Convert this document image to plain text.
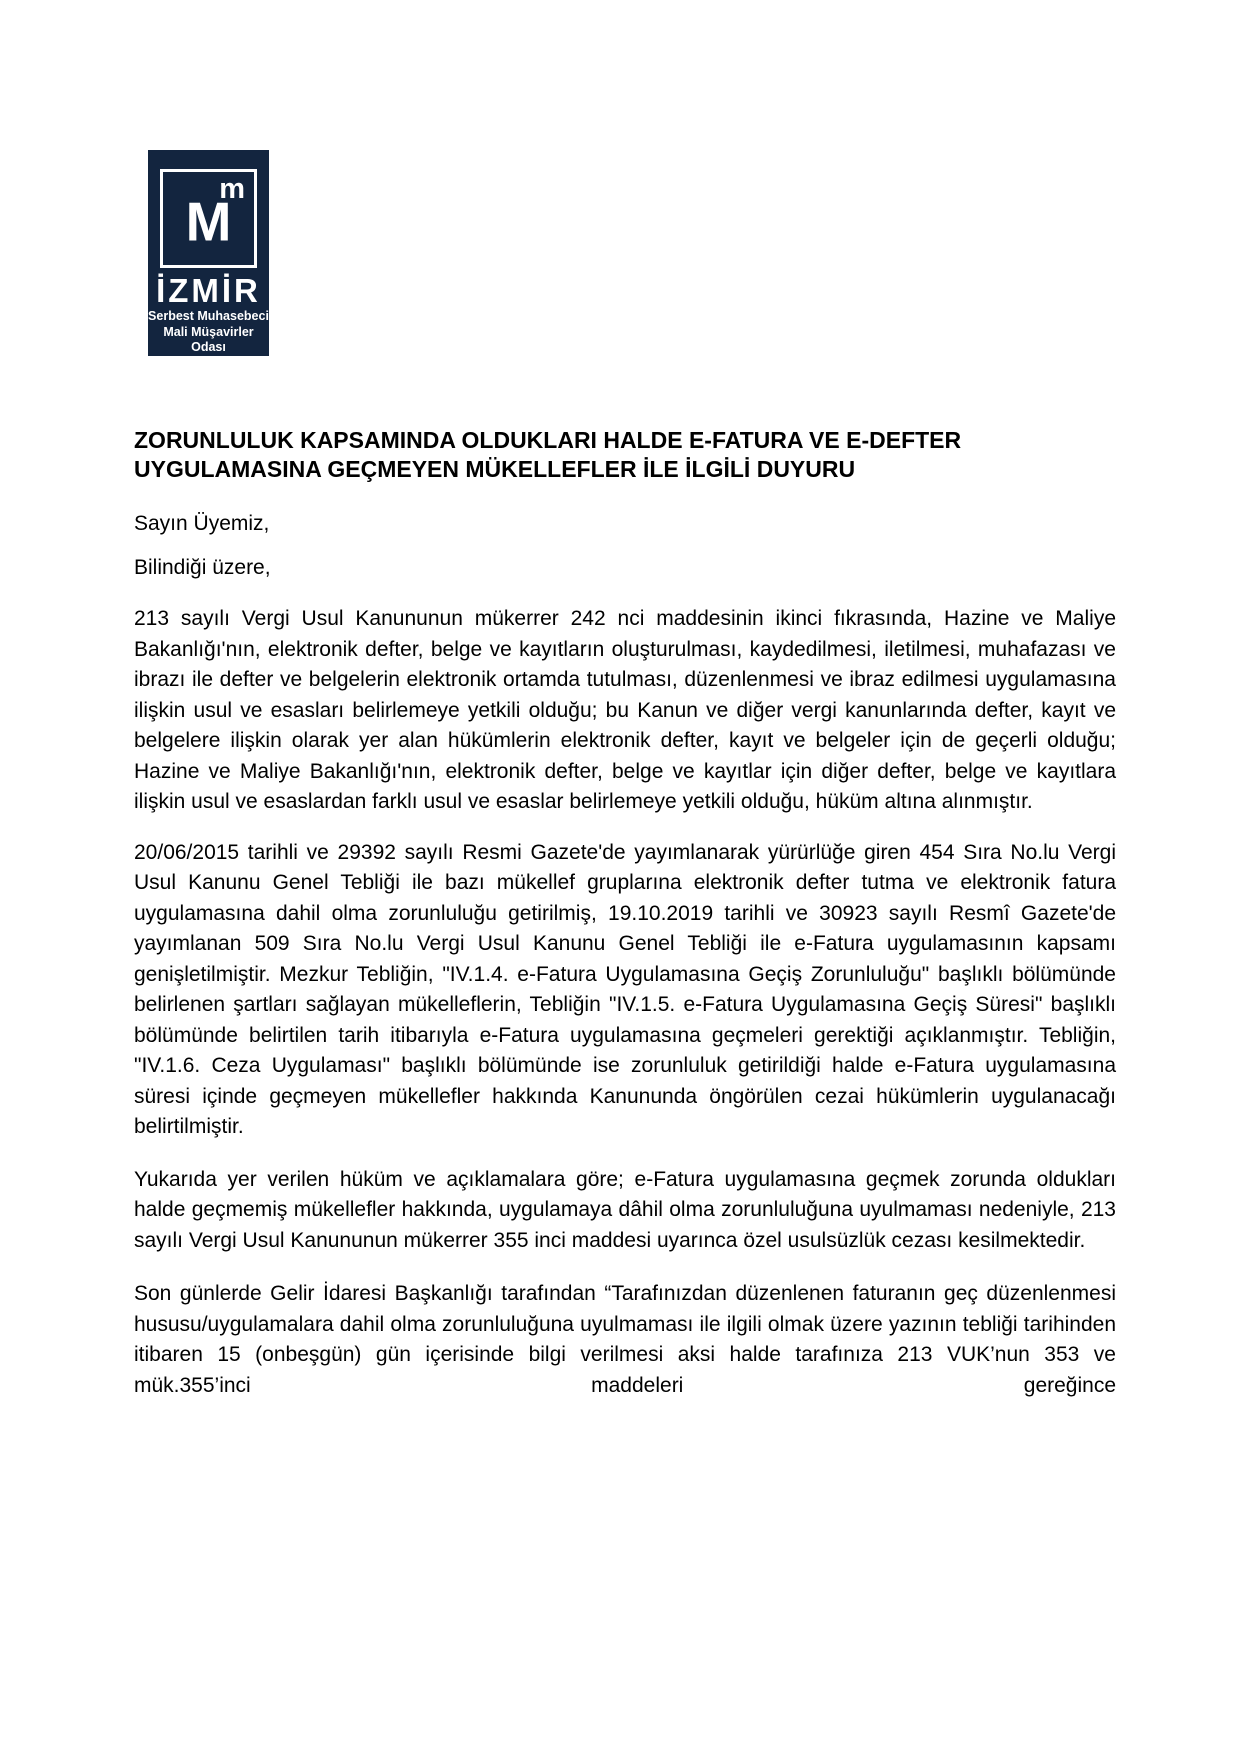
M
m
İZMİR
Serbest Muhasebeci
Mali Müşavirler Odası
ZORUNLULUK KAPSAMINDA OLDUKLARI HALDE E-FATURA VE E-DEFTER UYGULAMASINA GEÇMEYEN MÜKELLEFLER İLE İLGİLİ DUYURU

Sayın Üyemiz,

Bilindiği üzere,

213 sayılı Vergi Usul Kanununun mükerrer 242 nci maddesinin ikinci fıkrasında, Hazine ve Maliye Bakanlığı'nın, elektronik defter, belge ve kayıtların oluşturulması, kaydedilmesi, iletilmesi, muhafazası ve ibrazı ile defter ve belgelerin elektronik ortamda tutulması, düzenlenmesi ve ibraz edilmesi uygulamasına ilişkin usul ve esasları belirlemeye yetkili olduğu; bu Kanun ve diğer vergi kanunlarında defter, kayıt ve belgelere ilişkin olarak yer alan hükümlerin elektronik defter, kayıt ve belgeler için de geçerli olduğu; Hazine ve Maliye Bakanlığı'nın, elektronik defter, belge ve kayıtlar için diğer defter, belge ve kayıtlara ilişkin usul ve esaslardan farklı usul ve esaslar belirlemeye yetkili olduğu, hüküm altına alınmıştır.

20/06/2015 tarihli ve 29392 sayılı Resmi Gazete'de yayımlanarak yürürlüğe giren 454 Sıra No.lu Vergi Usul Kanunu Genel Tebliği ile bazı mükellef gruplarına elektronik defter tutma ve elektronik fatura uygulamasına dahil olma zorunluluğu getirilmiş, 19.10.2019 tarihli ve 30923 sayılı Resmî Gazete'de yayımlanan 509 Sıra No.lu Vergi Usul Kanunu Genel Tebliği ile e-Fatura uygulamasının kapsamı genişletilmiştir. Mezkur Tebliğin, "IV.1.4. e-Fatura Uygulamasına Geçiş Zorunluluğu" başlıklı bölümünde belirlenen şartları sağlayan mükelleflerin, Tebliğin "IV.1.5. e-Fatura Uygulamasına Geçiş Süresi" başlıklı bölümünde belirtilen tarih itibarıyla e-Fatura uygulamasına geçmeleri gerektiği açıklanmıştır. Tebliğin, "IV.1.6. Ceza Uygulaması" başlıklı bölümünde ise zorunluluk getirildiği halde e-Fatura uygulamasına süresi içinde geçmeyen mükellefler hakkında Kanununda öngörülen cezai hükümlerin uygulanacağı belirtilmiştir.

Yukarıda yer verilen hüküm ve açıklamalara göre; e-Fatura uygulamasına geçmek zorunda oldukları halde geçmemiş mükellefler hakkında, uygulamaya dâhil olma zorunluluğuna uyulmaması nedeniyle, 213 sayılı Vergi Usul Kanununun mükerrer 355 inci maddesi uyarınca özel usulsüzlük cezası kesilmektedir.

Son günlerde Gelir İdaresi Başkanlığı tarafından “Tarafınızdan düzenlenen faturanın geç düzenlenmesi hususu/uygulamalara dahil olma zorunluluğuna uyulmaması ile ilgili olmak üzere yazının tebliği tarihinden itibaren 15 (onbeşgün) gün içerisinde bilgi verilmesi aksi halde tarafınıza 213 VUK’nun 353 ve mük.355’inci maddeleri gereğince
